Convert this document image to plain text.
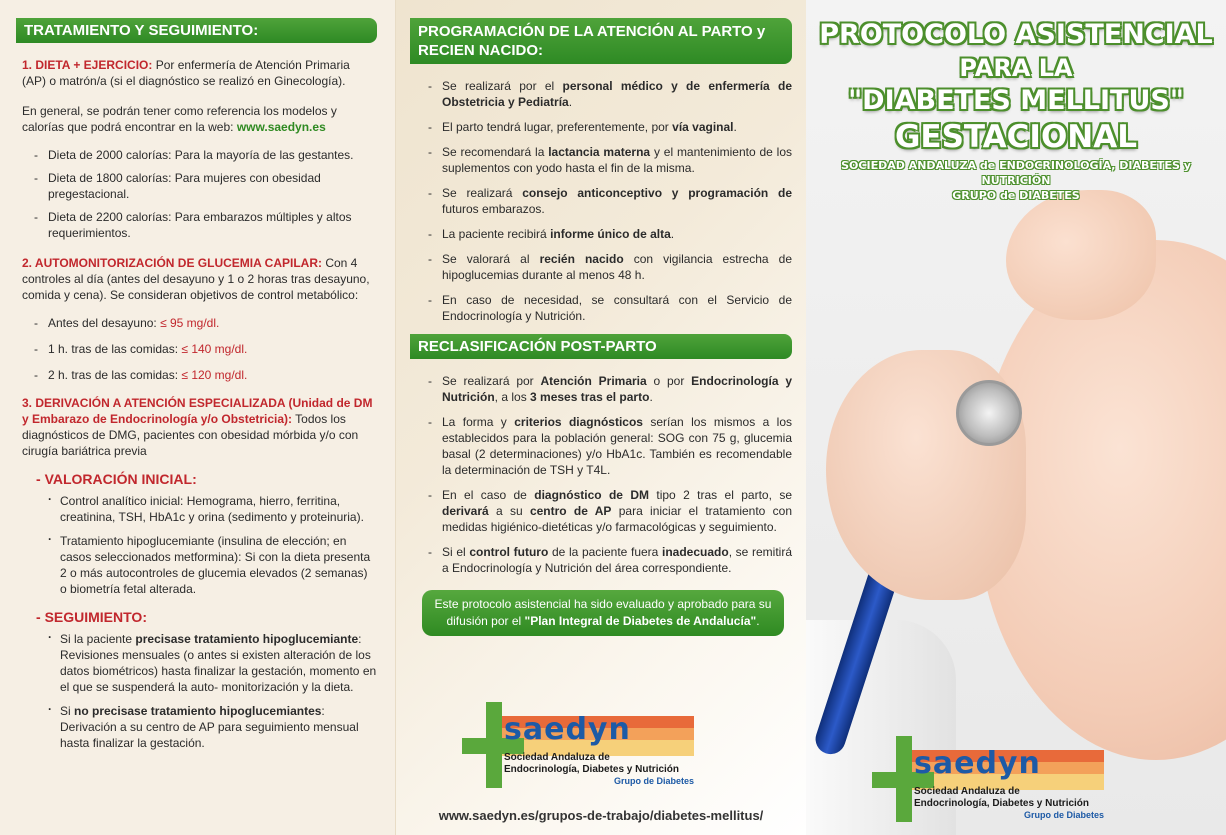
TRATAMIENTO Y SEGUIMIENTO:

1. DIETA + EJERCICIO: Por enfermería de Atención Primaria (AP) o matrón/a (si el diagnóstico se realizó en Ginecología).

En general, se podrán tener como referencia los modelos y calorías que podrá encontrar en la web: www.saedyn.es

- Dieta de 2000 calorías: Para la mayoría de las gestantes.
- Dieta de 1800 calorías: Para mujeres con obesidad pregestacional.
- Dieta de 2200 calorías: Para embarazos múltiples y altos requerimientos.

2. AUTOMONITORIZACIÓN DE GLUCEMIA CAPILAR: Con 4 controles al día (antes del desayuno y 1 o 2 horas tras desayuno, comida y cena). Se consideran objetivos de control metabólico:

- Antes del desayuno: ≤ 95 mg/dl.
- 1 h. tras de las comidas: ≤ 140 mg/dl.
- 2 h. tras de las comidas: ≤ 120 mg/dl.

3. DERIVACIÓN A ATENCIÓN ESPECIALIZADA (Unidad de DM y Embarazo de Endocrinología y/o Obstetricia): Todos los diagnósticos de DMG, pacientes con obesidad mórbida y/o con cirugía bariátrica previa

- VALORACIÓN INICIAL:
· Control analítico inicial: Hemograma, hierro, ferritina, creatinina, TSH, HbA1c y orina (sedimento y proteinuria).
· Tratamiento hipoglucemiante (insulina de elección; en casos seleccionados metformina): Si con la dieta presenta 2 o más autocontroles de glucemia elevados (2 semanas) o biometría fetal alterada.
- SEGUIMIENTO:
· Si la paciente precisase tratamiento hipoglucemiante: Revisiones mensuales (o antes si existen alteración de los datos biométricos) hasta finalizar la gestación, momento en el que se suspenderá la auto- monitorización y la dieta.
· Si no precisase tratamiento hipoglucemiantes: Derivación a su centro de AP para seguimiento mensual hasta finalizar la gestación.
PROGRAMACIÓN DE LA ATENCIÓN AL PARTO y RECIEN NACIDO:
- Se realizará por el personal médico y de enfermería de Obstetricia y Pediatría.
- El parto tendrá lugar, preferentemente, por vía vaginal.
- Se recomendará la lactancia materna y el mantenimiento de los suplementos con yodo hasta el fin de la misma.
- Se realizará consejo anticonceptivo y programación de futuros embarazos.
- La paciente recibirá informe único de alta.
- Se valorará al recién nacido con vigilancia estrecha de hipoglucemias durante al menos 48 h.
- En caso de necesidad, se consultará con el Servicio de Endocrinología y Nutrición.
RECLASIFICACIÓN POST-PARTO
- Se realizará por Atención Primaria o por Endocrinología y Nutrición, a los 3 meses tras el parto.
- La forma y criterios diagnósticos serían los mismos a los establecidos para la población general: SOG con 75 g, glucemia basal (2 determinaciones) y/o HbA1c. También es recomendable la determinación de TSH y T4L.
- En el caso de diagnóstico de DM tipo 2 tras el parto, se derivará a su centro de AP para iniciar el tratamiento con medidas higiénico-dietéticas y/o farmacológicas y seguimiento.
- Si el control futuro de la paciente fuera inadecuado, se remitirá a Endocrinología y Nutrición del área correspondiente.
Este protocolo asistencial ha sido evaluado y aprobado para su difusión por el "Plan Integral de Diabetes de Andalucía".
saedyn
Sociedad Andaluza de
Endocrinología, Diabetes y Nutrición
Grupo de Diabetes
www.saedyn.es/grupos-de-trabajo/diabetes-mellitus/
PROTOCOLO ASISTENCIAL
PARA LA
"DIABETES MELLITUS"
GESTACIONAL
SOCIEDAD ANDALUZA de ENDOCRINOLOGÍA, DIABETES y NUTRICIÓN
GRUPO de DIABETES
saedyn
Sociedad Andaluza de
Endocrinología, Diabetes y Nutrición
Grupo de Diabetes
